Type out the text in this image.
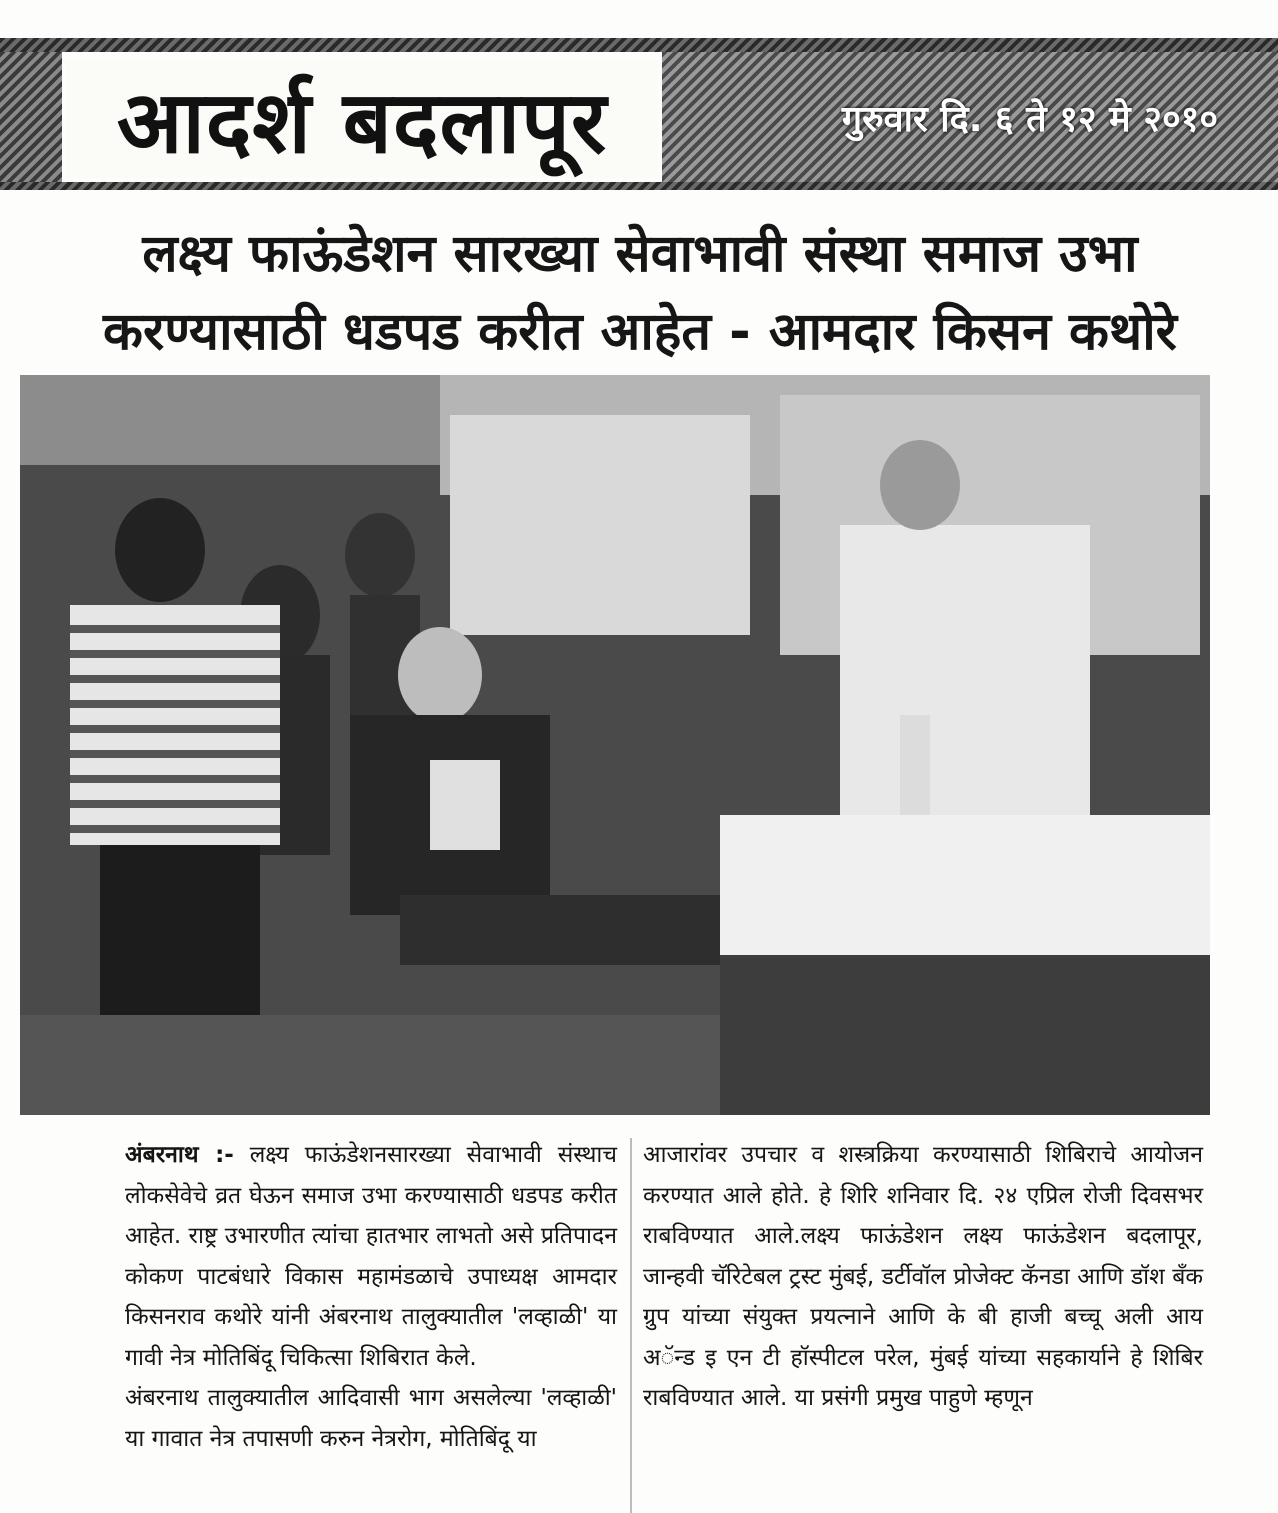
आदर्श बदलापूर	गुरुवार दि. ६ ते १२ मे २०१०
लक्ष्य फाऊंडेशन सारख्या सेवाभावी संस्था समाज उभा करण्यासाठी धडपड करीत आहेत - आमदार किसन कथोरे

अंबरनाथ :- लक्ष्य फाऊंडेशनसारख्या सेवाभावी संस्थाच लोकसेवेचे व्रत घेऊन समाज उभा करण्यासाठी धडपड करीत आहेत. राष्ट्र उभारणीत त्यांचा हातभार लाभतो असे प्रतिपादन कोकण पाटबंधारे विकास महामंडळाचे उपाध्यक्ष आमदार किसनराव कथोरे यांनी अंबरनाथ तालुक्यातील 'लव्हाळी' या गावी नेत्र मोतिबिंदू चिकित्सा शिबिरात केले.

अंबरनाथ तालुक्यातील आदिवासी भाग असलेल्या 'लव्हाळी' या गावात नेत्र तपासणी करुन नेत्ररोग, मोतिबिंदू या

आजारांवर उपचार व शस्त्रक्रिया करण्यासाठी शिबिराचे आयोजन करण्यात आले होते. हे शिरि शनिवार दि. २४ एप्रिल रोजी दिवसभर राबविण्यात आले.लक्ष्य फाऊंडेशन लक्ष्य फाऊंडेशन बदलापूर, जान्हवी चॅरिटेबल ट्रस्ट मुंबई, डर्टीवॉल प्रोजेक्ट कॅनडा आणि डॉश बँक ग्रुप यांच्या संयुक्त प्रयत्नाने आणि के बी हाजी बच्चू अली आय अॅन्ड इ एन टी हॉस्पीटल परेल, मुंबई यांच्या सहकार्याने हे शिबिर राबविण्यात आले. या प्रसंगी प्रमुख पाहुणे म्हणून
